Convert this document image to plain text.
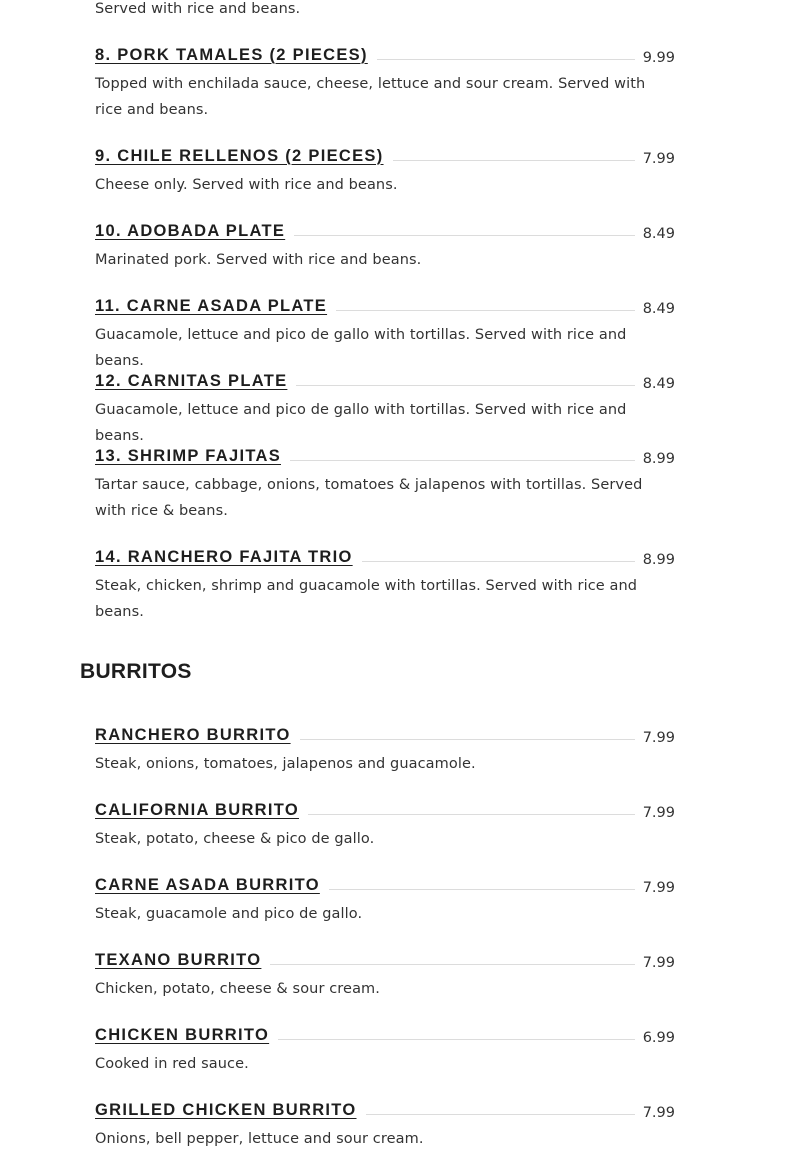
Served with rice and beans.
8. PORK TAMALES (2 PIECES)	9.99
Topped with enchilada sauce, cheese, lettuce and sour cream. Served with rice and beans.
9. CHILE RELLENOS (2 PIECES)	7.99
Cheese only. Served with rice and beans.
10. ADOBADA PLATE	8.49
Marinated pork. Served with rice and beans.
11. CARNE ASADA PLATE	8.49
Guacamole, lettuce and pico de gallo with tortillas. Served with rice and beans.
12. CARNITAS PLATE	8.49
Guacamole, lettuce and pico de gallo with tortillas. Served with rice and beans.
13. SHRIMP FAJITAS	8.99
Tartar sauce, cabbage, onions, tomatoes & jalapenos with tortillas. Served with rice & beans.
14. RANCHERO FAJITA TRIO	8.99
Steak, chicken, shrimp and guacamole with tortillas. Served with rice and beans.
BURRITOS
RANCHERO BURRITO	7.99
Steak, onions, tomatoes, jalapenos and guacamole.
CALIFORNIA BURRITO	7.99
Steak, potato, cheese & pico de gallo.
CARNE ASADA BURRITO	7.99
Steak, guacamole and pico de gallo.
TEXANO BURRITO	7.99
Chicken, potato, cheese & sour cream.
CHICKEN BURRITO	6.99
Cooked in red sauce.
GRILLED CHICKEN BURRITO	7.99
Onions, bell pepper, lettuce and sour cream.
